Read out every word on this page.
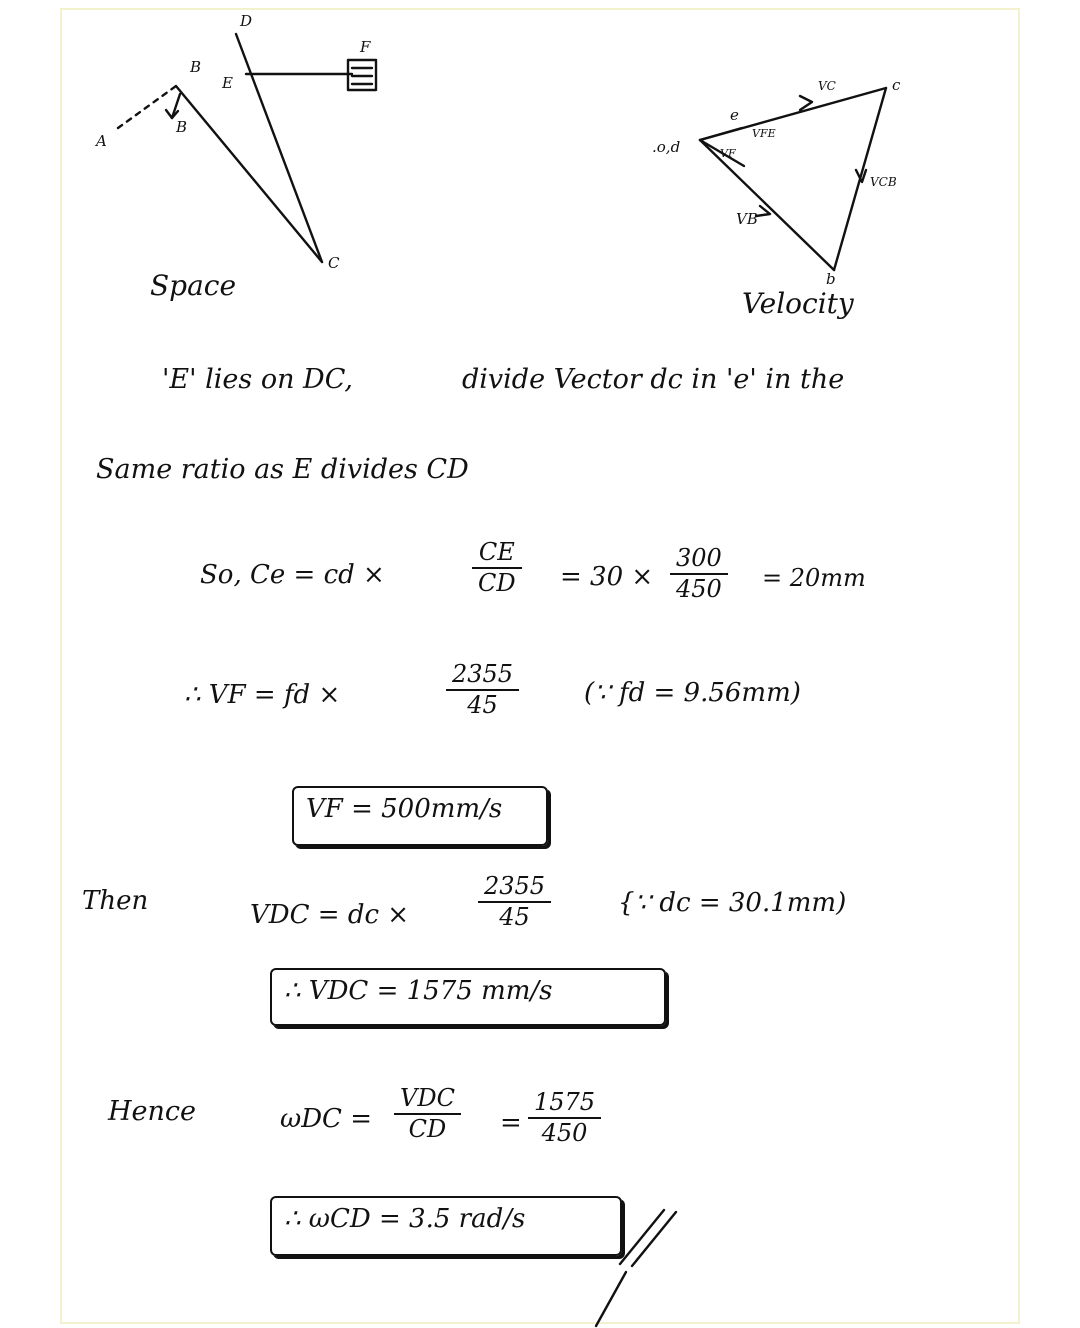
A
B
B
D
E
F
C
Space
.o,d
e
c
b
VFE
VF
VB
VCB
VC
Velocity
'E' lies on DC,	divide Vector dc in 'e' in the
Same ratio as E divides CD
So, Ce = cd ×
CE
CD = 30 ×
300
450 = 20mm
∴ VF = fd ×
2355
45	(∵ fd = 9.56mm)
VF = 500mm/s
Then	VDC = dc ×
2355
45	{∵ dc = 30.1mm)
∴ VDC = 1575 mm/s
Hence	ωDC =
VDC
CD =
1575
450
∴ ωCD = 3.5 rad/s
